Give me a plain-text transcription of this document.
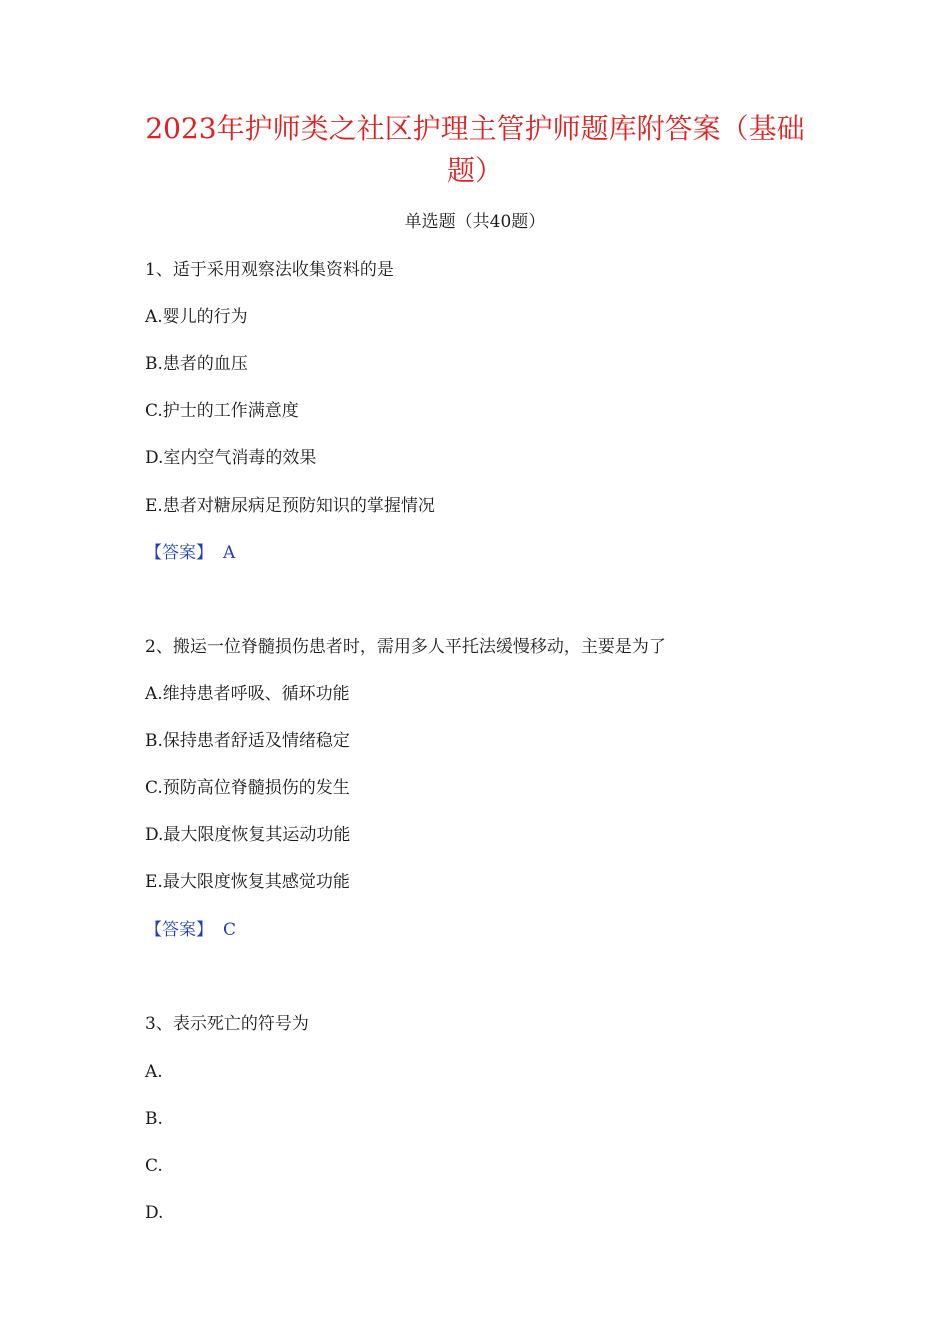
2023年护师类之社区护理主管护师题库附答案（基础题）
单选题（共40题）
1、适于采用观察法收集资料的是
A.婴儿的行为
B.患者的血压
C.护士的工作满意度
D.室内空气消毒的效果
E.患者对糖尿病足预防知识的掌握情况
【答案】 A
2、搬运一位脊髓损伤患者时，需用多人平托法缓慢移动，主要是为了
A.维持患者呼吸、循环功能
B.保持患者舒适及情绪稳定
C.预防高位脊髓损伤的发生
D.最大限度恢复其运动功能
E.最大限度恢复其感觉功能
【答案】 C
3、表示死亡的符号为
A.
B.
C.
D.
